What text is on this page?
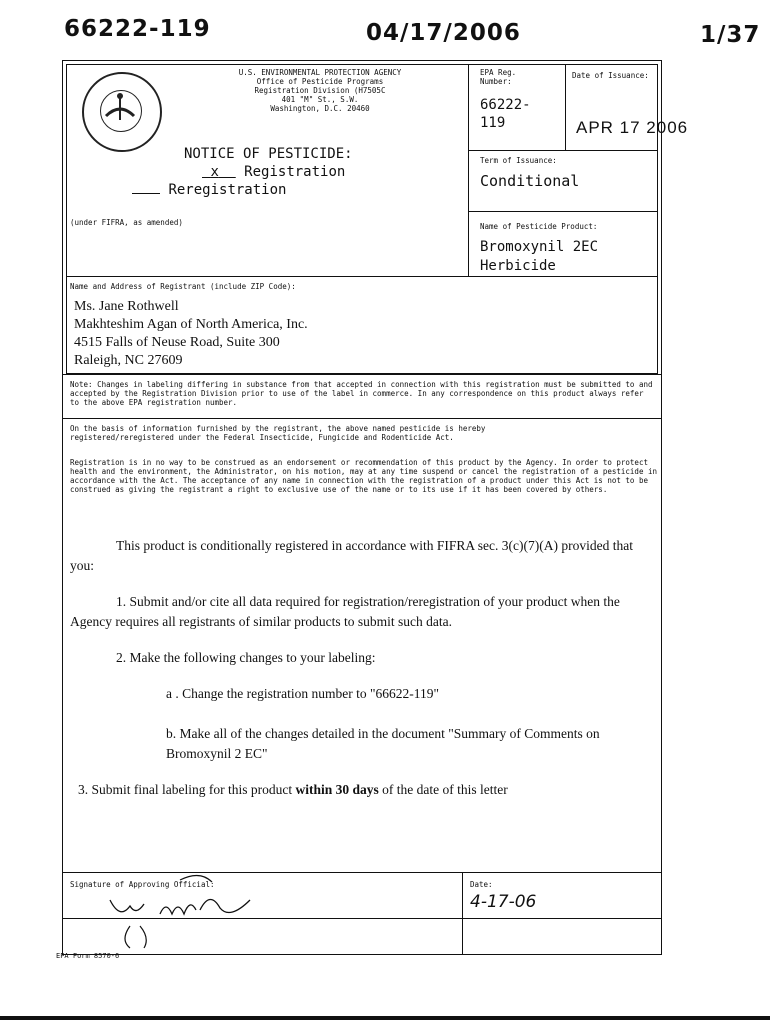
66222-119	04/17/2006	1/37
U.S. ENVIRONMENTAL PROTECTION AGENCY
Office of Pesticide Programs
Registration Division (H7505C
401 "M" St., S.W.
Washington, D.C. 20460
NOTICE OF PESTICIDE:
x Registration
Reregistration
(under FIFRA, as amended)
EPA Reg. Number:
66222-
119
Date of Issuance:
APR 17 2006
Term of Issuance:
Conditional
Name of Pesticide Product:
Bromoxynil 2EC
Herbicide
Name and Address of Registrant (include ZIP Code):
Ms. Jane Rothwell
Makhteshim Agan of North America, Inc.
4515 Falls of Neuse Road, Suite 300
Raleigh, NC 27609
Note: Changes in labeling differing in substance from that accepted in connection with this registration must be submitted to and accepted by the Registration Division prior to use of the label in commerce. In any correspondence on this product always refer to the above EPA registration number.
On the basis of information furnished by the registrant, the above named pesticide is hereby registered/reregistered under the Federal Insecticide, Fungicide and Rodenticide Act.
Registration is in no way to be construed as an endorsement or recommendation of this product by the Agency. In order to protect health and the environment, the Administrator, on his motion, may at any time suspend or cancel the registration of a pesticide in accordance with the Act. The acceptance of any name in connection with the registration of a product under this Act is not to be construed as giving the registrant a right to exclusive use of the name or to its use if it has been covered by others.
This product is conditionally registered in accordance with FIFRA sec. 3(c)(7)(A) provided that you:
1. Submit and/or cite all data required for registration/reregistration of your product when the Agency requires all registrants of similar products to submit such data.
2. Make the following changes to your labeling:
a . Change the registration number to "66622-119"
b. Make all of the changes detailed in the document "Summary of Comments on Bromoxynil 2 EC"
3. Submit final labeling for this product within 30 days of the date of this letter
Signature of Approving Official:	Date:
4-17-06
EPA Form 8570-6
